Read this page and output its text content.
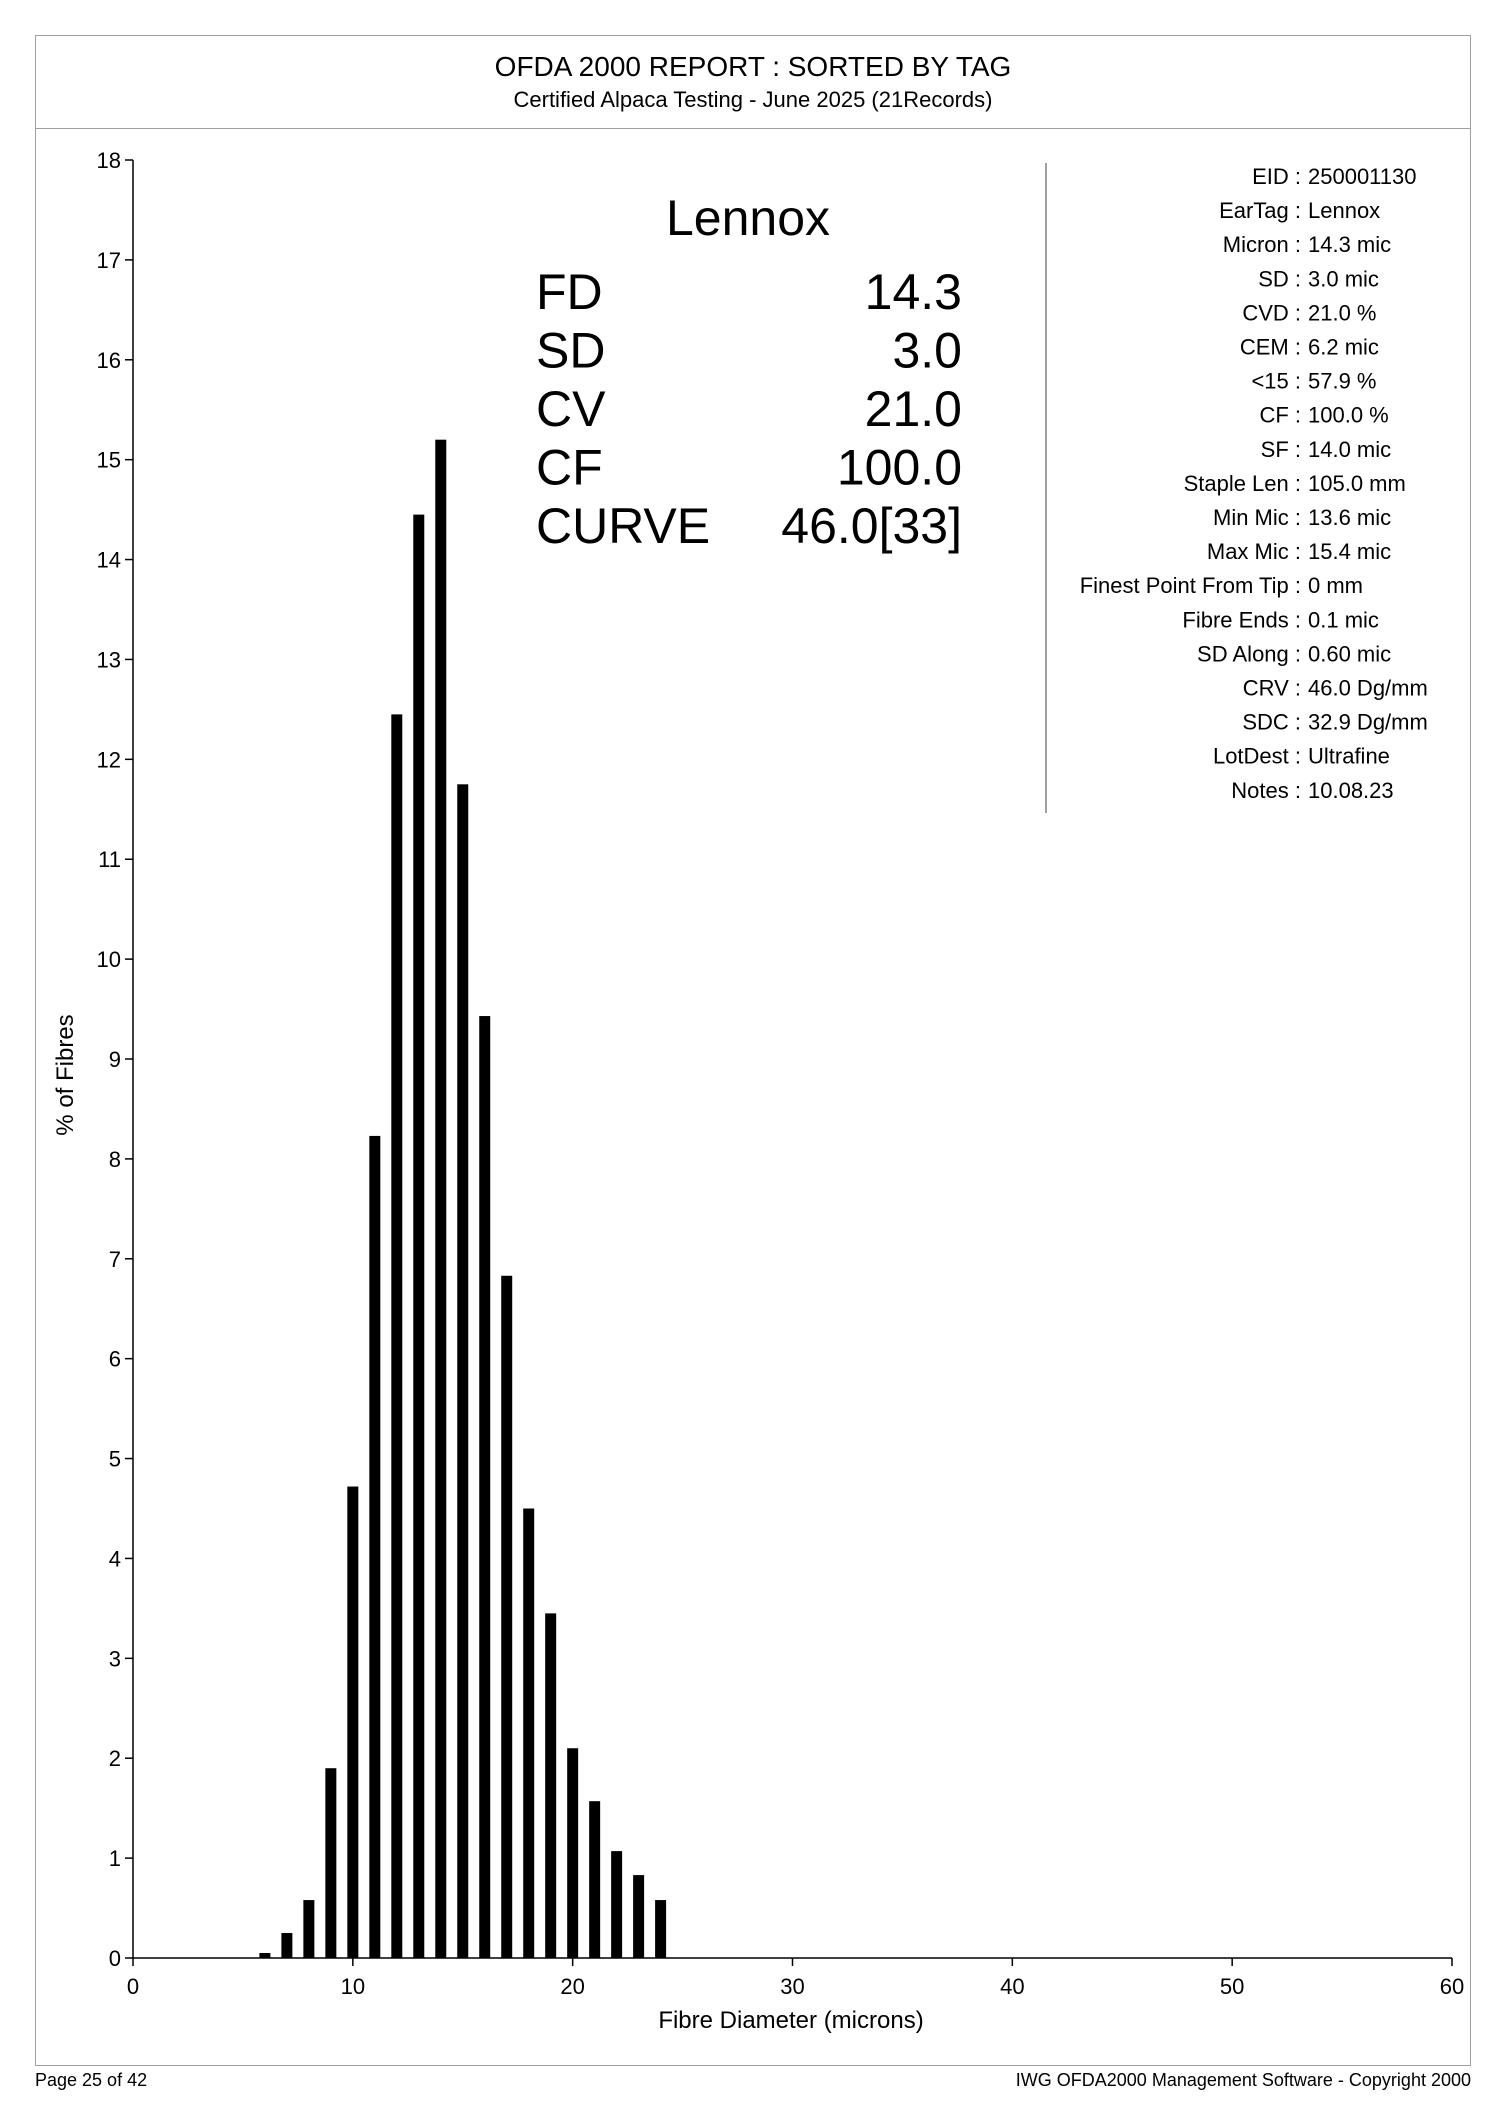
OFDA 2000 REPORT : SORTED BY TAG
Certified Alpaca Testing - June 2025 (21Records)
0
1
2
3
4
5
6
7
8
9
10
11
12
13
14
15
16
17
18
0	10	20	30	40	50	60
Fibre Diameter (microns)
% of Fibres
Lennox
FD	14.3
SD	3.0
CV	21.0
CF	100.0
CURVE 46.0[33]
EID : 250001130
EarTag : Lennox
Micron : 14.3 mic
SD : 3.0 mic
CVD : 21.0 %
CEM : 6.2 mic
<15 : 57.9 %
CF : 100.0 %
SF : 14.0 mic
Staple Len : 105.0 mm
Min Mic : 13.6 mic
Max Mic : 15.4 mic
Finest Point From Tip : 0 mm
Fibre Ends : 0.1 mic
SD Along : 0.60 mic
CRV : 46.0 Dg/mm
SDC : 32.9 Dg/mm
LotDest : Ultrafine
Notes : 10.08.23
Page 25 of 42	IWG OFDA2000 Management Software - Copyright 2000
